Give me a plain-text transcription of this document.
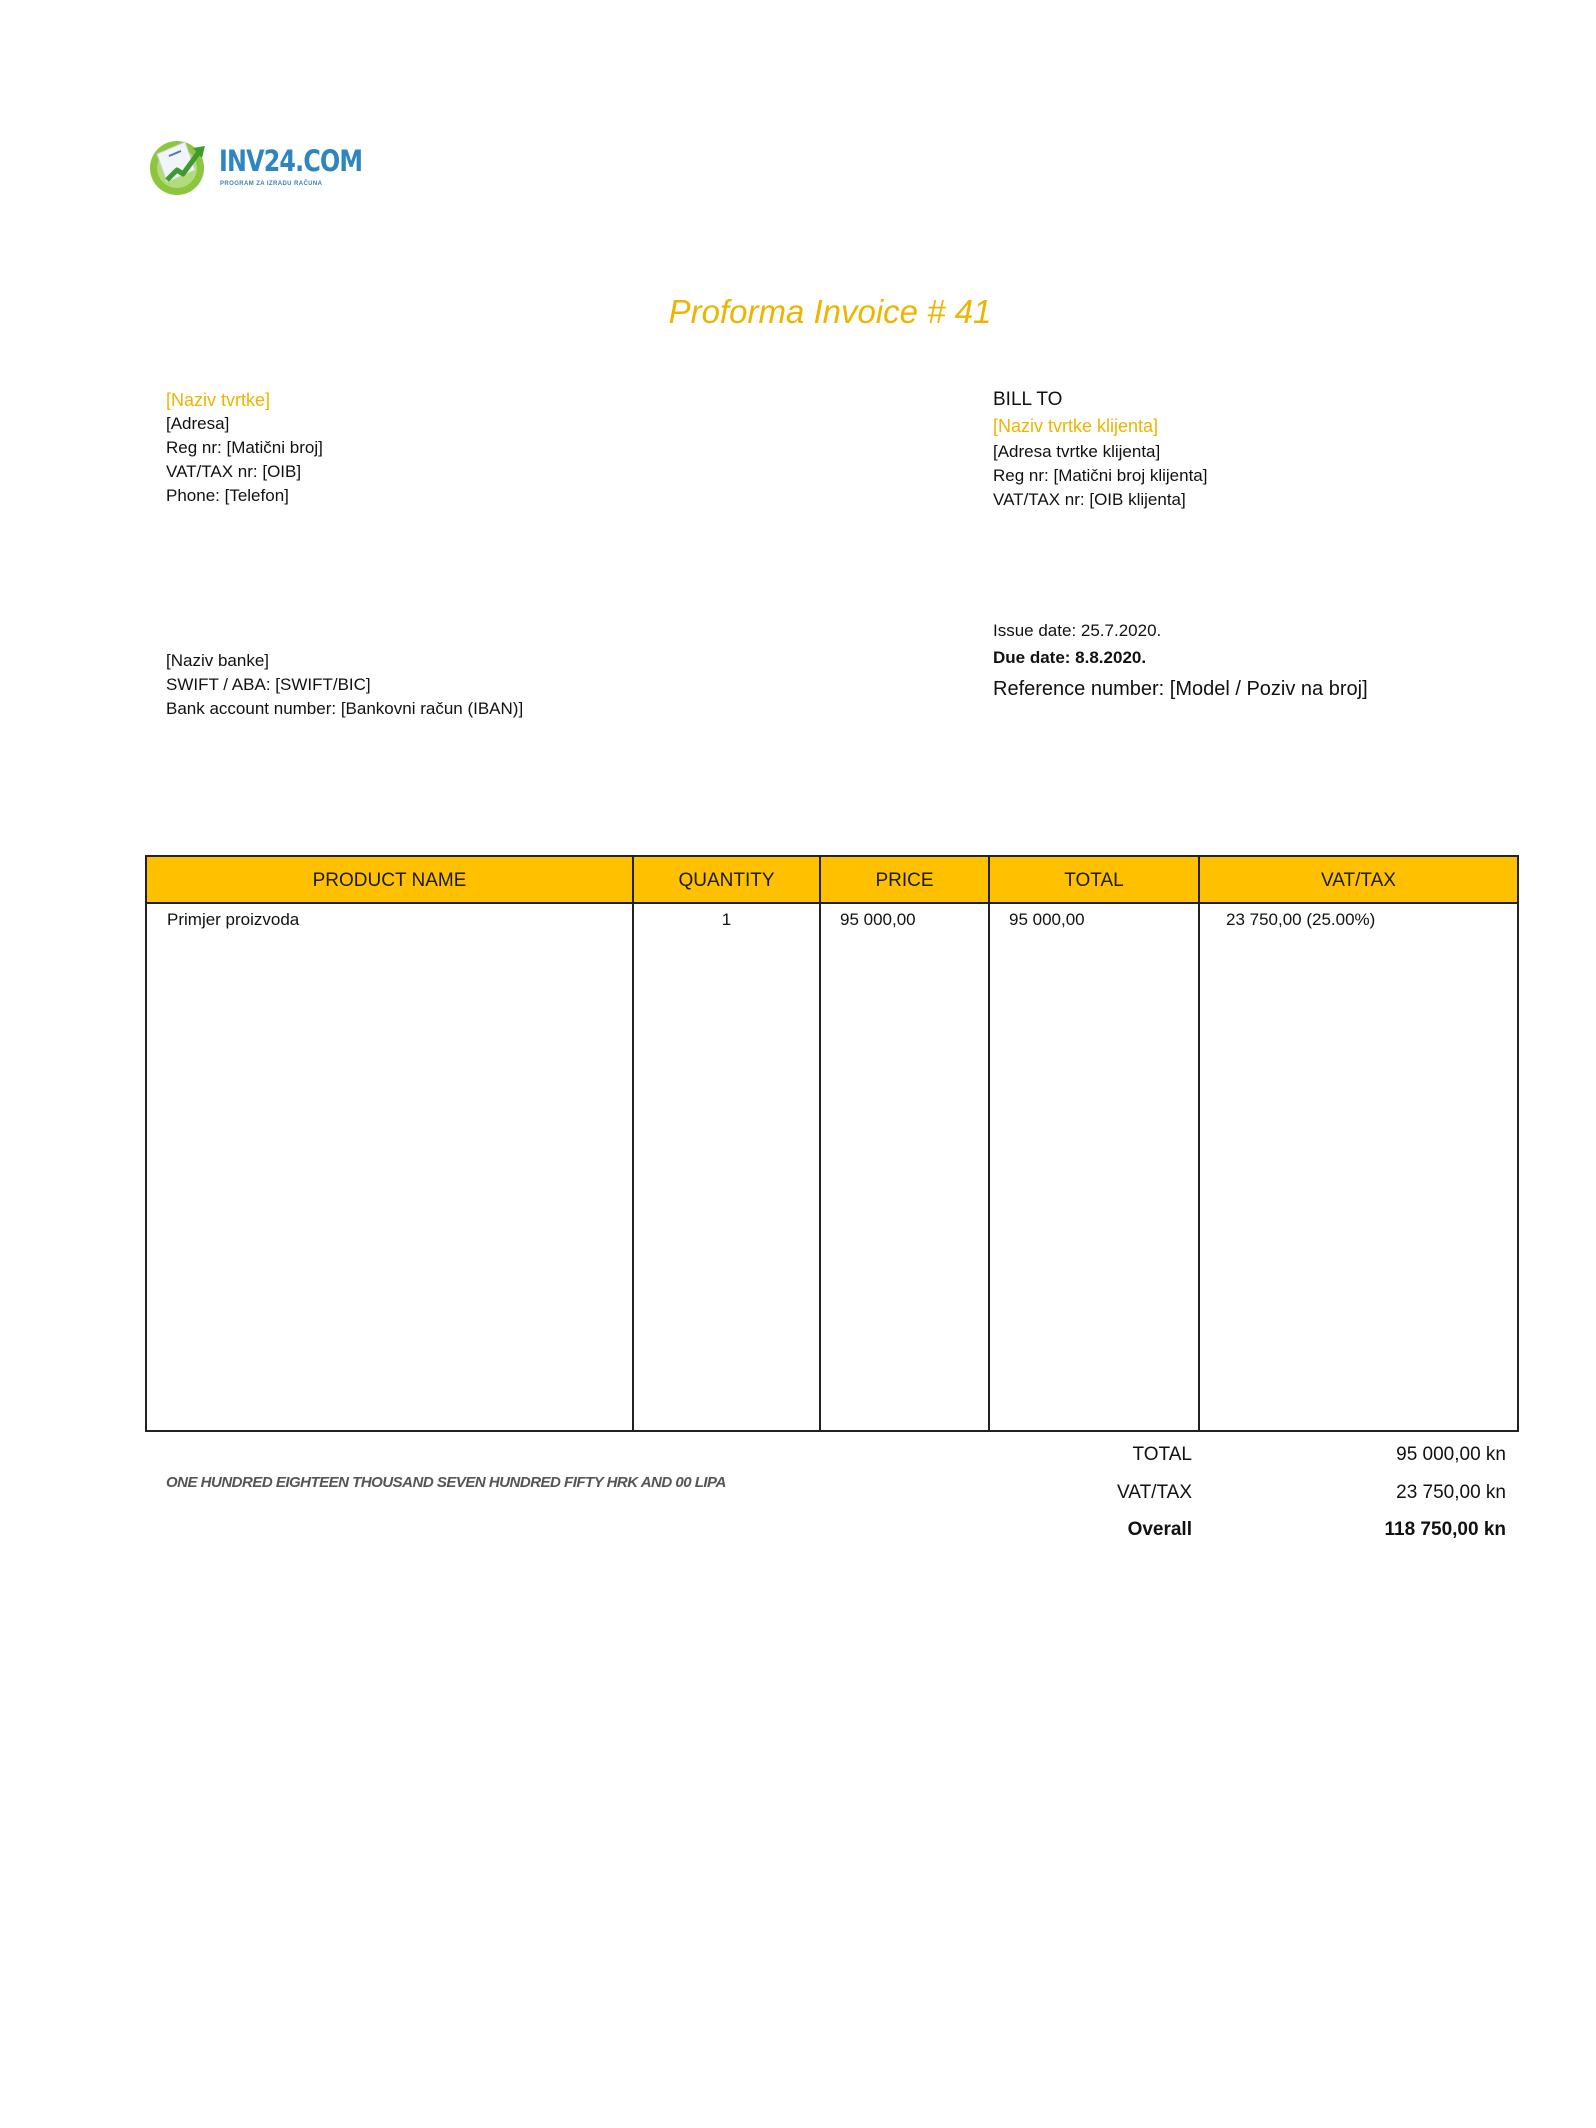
INV24.COM
PROGRAM ZA IZRADU RAČUNA
Proforma Invoice # 41
[Naziv tvrtke]
[Adresa]
Reg nr: [Matični broj]
VAT/TAX nr: [OIB]
Phone: [Telefon]
BILL TO
[Naziv tvrtke klijenta]
[Adresa tvrtke klijenta]
Reg nr: [Matični broj klijenta]
VAT/TAX nr: [OIB klijenta]
[Naziv banke]
SWIFT / ABA: [SWIFT/BIC]
Bank account number: [Bankovni račun (IBAN)]
Issue date: 25.7.2020.
Due date: 8.8.2020.
Reference number: [Model / Poziv na broj]
PRODUCT NAME	QUANTITY	PRICE	TOTAL	VAT/TAX
Primjer proizvoda	1	95 000,00	95 000,00	23 750,00 (25.00%)
ONE HUNDRED EIGHTEEN THOUSAND SEVEN HUNDRED FIFTY HRK AND 00 LIPA
TOTAL	95 000,00 kn
VAT/TAX	23 750,00 kn
Overall	118 750,00 kn
